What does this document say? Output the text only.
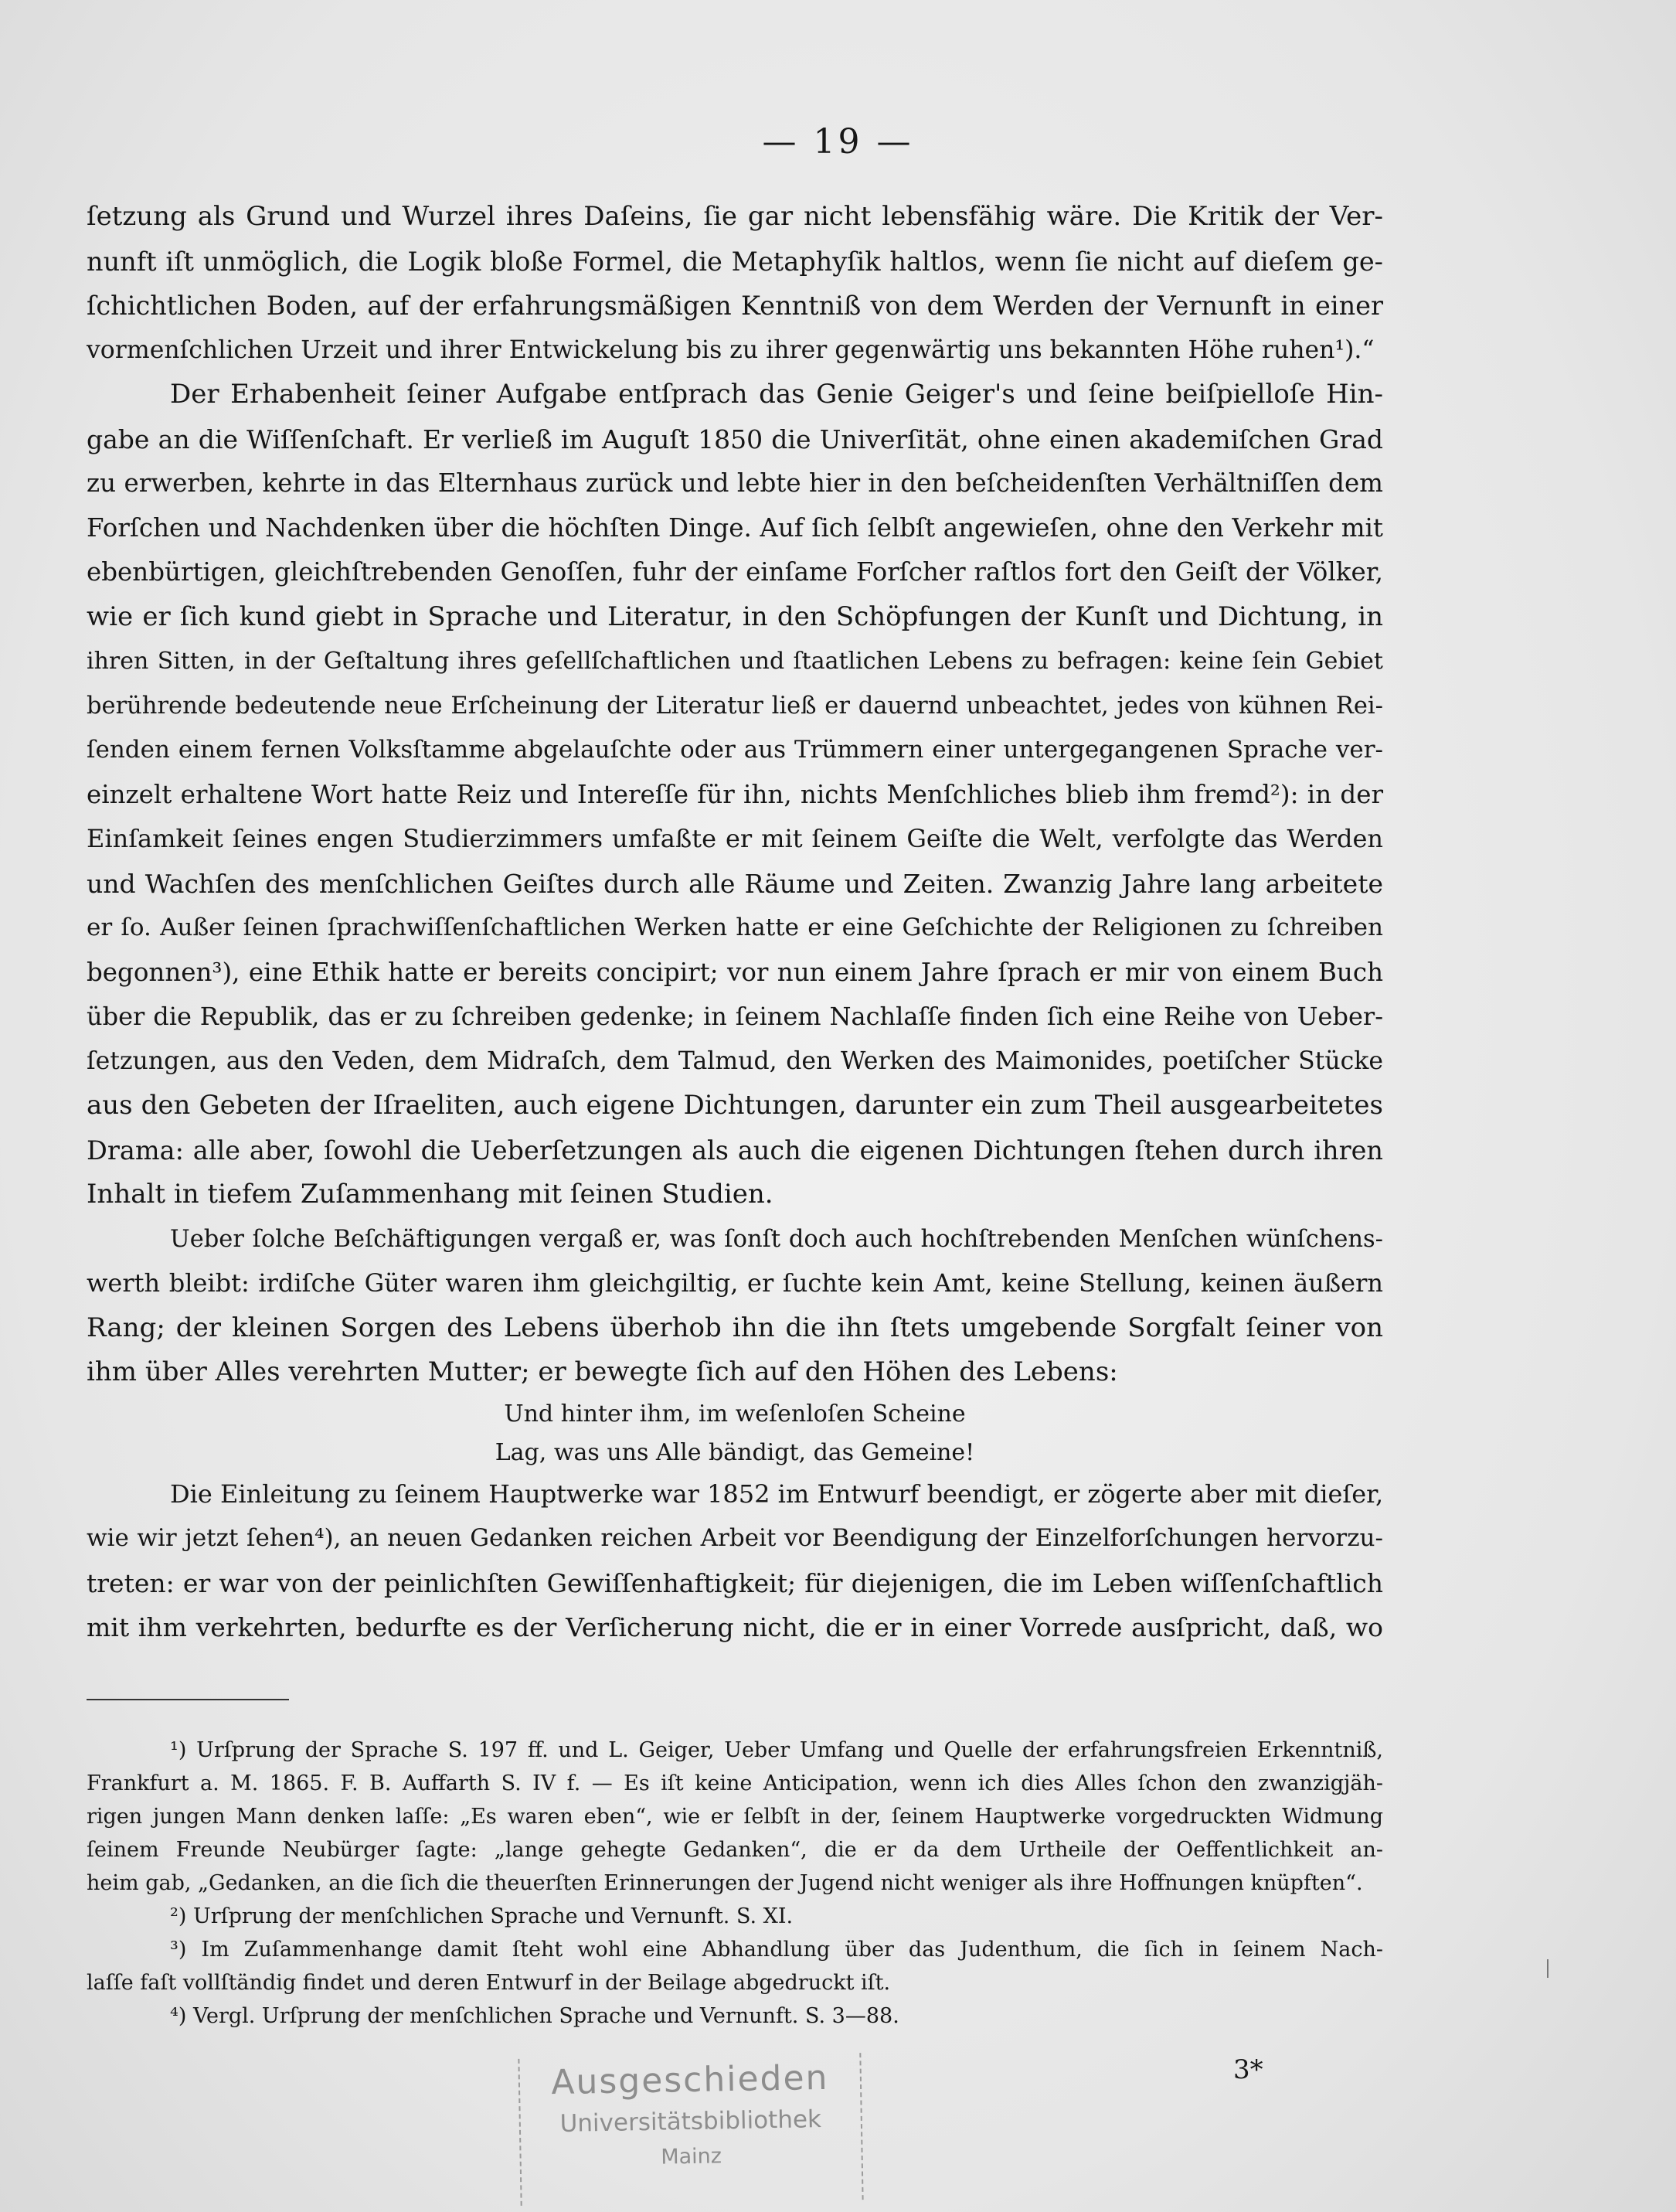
— 19 —
ſetzung als Grund und Wurzel ihres Daſeins, ſie gar nicht lebensfähig wäre. Die Kritik der Ver-
nunft iſt unmöglich, die Logik bloße Formel, die Metaphyſik haltlos, wenn ſie nicht auf dieſem ge-
ſchichtlichen Boden, auf der erfahrungsmäßigen Kenntniß von dem Werden der Vernunft in einer
vormenſchlichen Urzeit und ihrer Entwickelung bis zu ihrer gegenwärtig uns bekannten Höhe ruhen¹).“
Der Erhabenheit ſeiner Aufgabe entſprach das Genie Geiger's und ſeine beiſpielloſe Hin-
gabe an die Wiſſenſchaft. Er verließ im Auguſt 1850 die Univerſität, ohne einen akademiſchen Grad
zu erwerben, kehrte in das Elternhaus zurück und lebte hier in den beſcheidenſten Verhältniſſen dem
Forſchen und Nachdenken über die höchſten Dinge. Auf ſich ſelbſt angewieſen, ohne den Verkehr mit
ebenbürtigen, gleichſtrebenden Genoſſen, fuhr der einſame Forſcher raſtlos fort den Geiſt der Völker,
wie er ſich kund giebt in Sprache und Literatur, in den Schöpfungen der Kunſt und Dichtung, in
ihren Sitten, in der Geſtaltung ihres geſellſchaftlichen und ſtaatlichen Lebens zu befragen: keine ſein Gebiet
berührende bedeutende neue Erſcheinung der Literatur ließ er dauernd unbeachtet, jedes von kühnen Rei-
ſenden einem fernen Volksſtamme abgelauſchte oder aus Trümmern einer untergegangenen Sprache ver-
einzelt erhaltene Wort hatte Reiz und Intereſſe für ihn, nichts Menſchliches blieb ihm fremd²): in der
Einſamkeit ſeines engen Studierzimmers umfaßte er mit ſeinem Geiſte die Welt, verfolgte das Werden
und Wachſen des menſchlichen Geiſtes durch alle Räume und Zeiten. Zwanzig Jahre lang arbeitete
er ſo. Außer ſeinen ſprachwiſſenſchaftlichen Werken hatte er eine Geſchichte der Religionen zu ſchreiben
begonnen³), eine Ethik hatte er bereits concipirt; vor nun einem Jahre ſprach er mir von einem Buch
über die Republik, das er zu ſchreiben gedenke; in ſeinem Nachlaſſe finden ſich eine Reihe von Ueber-
ſetzungen, aus den Veden, dem Midraſch, dem Talmud, den Werken des Maimonides, poetiſcher Stücke
aus den Gebeten der Iſraeliten, auch eigene Dichtungen, darunter ein zum Theil ausgearbeitetes
Drama: alle aber, ſowohl die Ueberſetzungen als auch die eigenen Dichtungen ſtehen durch ihren
Inhalt in tiefem Zuſammenhang mit ſeinen Studien.
Ueber ſolche Beſchäftigungen vergaß er, was ſonſt doch auch hochſtrebenden Menſchen wünſchens-
werth bleibt: irdiſche Güter waren ihm gleichgiltig, er ſuchte kein Amt, keine Stellung, keinen äußern
Rang; der kleinen Sorgen des Lebens überhob ihn die ihn ſtets umgebende Sorgfalt ſeiner von
ihm über Alles verehrten Mutter; er bewegte ſich auf den Höhen des Lebens:
Und hinter ihm, im weſenloſen Scheine
Lag, was uns Alle bändigt, das Gemeine!
Die Einleitung zu ſeinem Hauptwerke war 1852 im Entwurf beendigt, er zögerte aber mit dieſer,
wie wir jetzt ſehen⁴), an neuen Gedanken reichen Arbeit vor Beendigung der Einzelforſchungen hervorzu-
treten: er war von der peinlichſten Gewiſſenhaftigkeit; für diejenigen, die im Leben wiſſenſchaftlich
mit ihm verkehrten, bedurfte es der Verſicherung nicht, die er in einer Vorrede ausſpricht, daß, wo
¹) Urſprung der Sprache S. 197 ff. und L. Geiger, Ueber Umfang und Quelle der erfahrungsfreien Erkenntniß,
Frankfurt a. M. 1865. F. B. Auffarth S. IV f. — Es iſt keine Anticipation, wenn ich dies Alles ſchon den zwanzigjäh-
rigen jungen Mann denken laſſe: „Es waren eben“, wie er ſelbſt in der, ſeinem Hauptwerke vorgedruckten Widmung
ſeinem Freunde Neubürger ſagte: „lange gehegte Gedanken“, die er da dem Urtheile der Oeffentlichkeit an-
heim gab, „Gedanken, an die ſich die theuerſten Erinnerungen der Jugend nicht weniger als ihre Hoffnungen knüpften“.
²) Urſprung der menſchlichen Sprache und Vernunft. S. XI.
³) Im Zuſammenhange damit ſteht wohl eine Abhandlung über das Judenthum, die ſich in ſeinem Nach-
laſſe faſt vollſtändig findet und deren Entwurf in der Beilage abgedruckt iſt.
⁴) Vergl. Urſprung der menſchlichen Sprache und Vernunft. S. 3—88.
3*
Ausgeschieden
Universitätsbibliothek
Mainz
